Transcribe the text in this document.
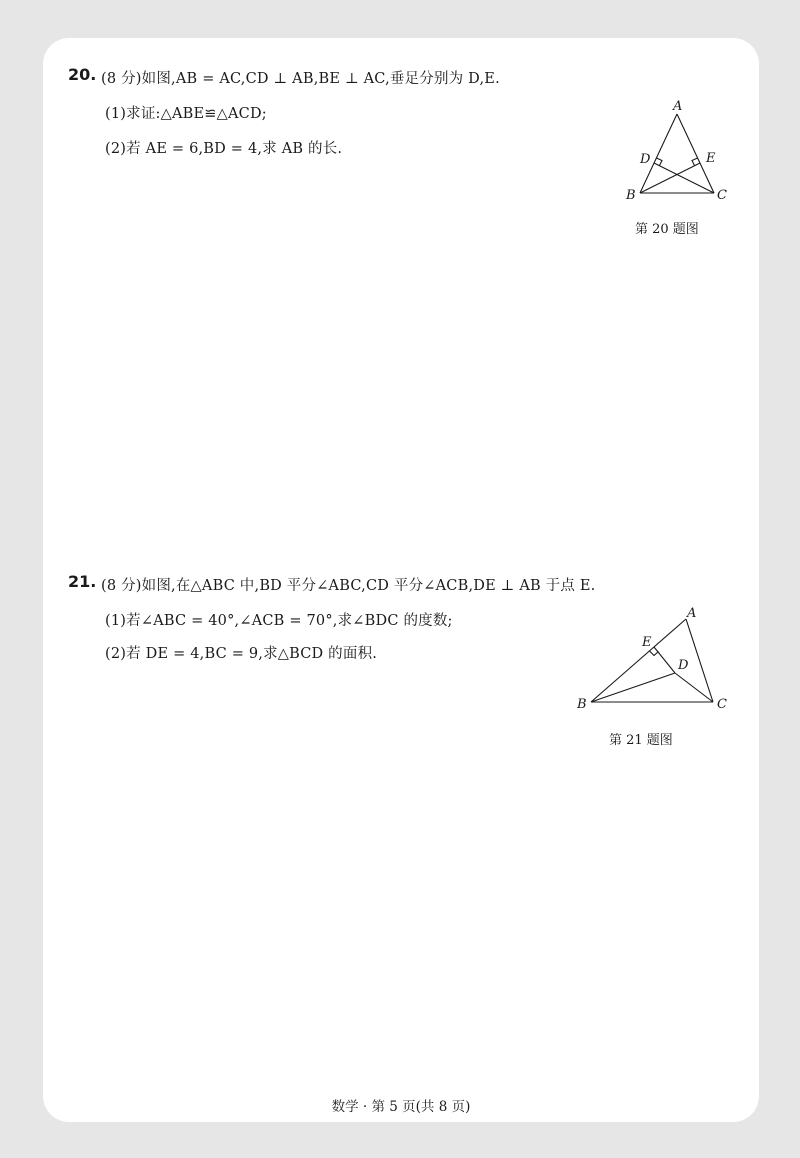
20. (8 分)如图,AB = AC,CD ⊥ AB,BE ⊥ AC,垂足分别为 D,E.
(1)求证:△ABE≌△ACD;
(2)若 AE = 6,BD = 4,求 AB 的长.
A
B	C
D	E
第 20 题图
21. (8 分)如图,在△ABC 中,BD 平分∠ABC,CD 平分∠ACB,DE ⊥ AB 于点 E.
(1)若∠ABC = 40°,∠ACB = 70°,求∠BDC 的度数;
(2)若 DE = 4,BC = 9,求△BCD 的面积.
A
B	C
D
E
第 21 题图
数学 · 第 5 页(共 8 页)
